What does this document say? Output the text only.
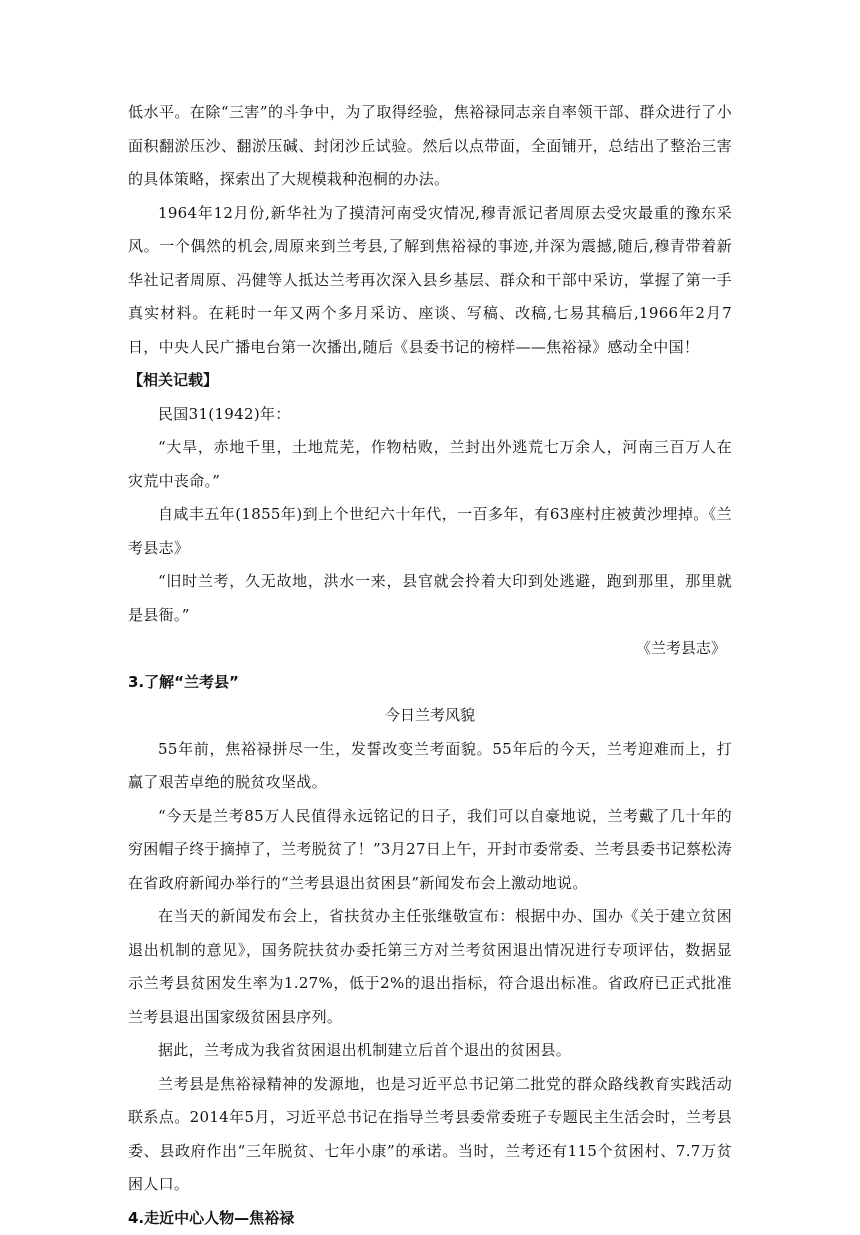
低水平。在除“三害”的斗争中，为了取得经验，焦裕禄同志亲自率领干部、群众进行了小面积翻淤压沙、翻淤压碱、封闭沙丘试验。然后以点带面，全面铺开，总结出了整治三害的具体策略，探索出了大规模栽种泡桐的办法。

1964年12月份,新华社为了摸清河南受灾情况,穆青派记者周原去受灾最重的豫东采风。一个偶然的机会,周原来到兰考县,了解到焦裕禄的事迹,并深为震撼,随后,穆青带着新华社记者周原、冯健等人抵达兰考再次深入县乡基层、群众和干部中采访，掌握了第一手真实材料。在耗时一年又两个多月采访、座谈、写稿、改稿,七易其稿后,1966年2月7日，中央人民广播电台第一次播出,随后《县委书记的榜样——焦裕禄》感动全中国！

【相关记载】

民国31(1942)年：

“大旱，赤地千里，土地荒芜，作物枯败，兰封出外逃荒七万余人，河南三百万人在灾荒中丧命。”

自咸丰五年(1855年)到上个世纪六十年代，一百多年，有63座村庄被黄沙埋掉。《兰考县志》

“旧时兰考，久无故地，洪水一来，县官就会拎着大印到处逃避，跑到那里，那里就是县衙。”

《兰考县志》

3.了解“兰考县”

今日兰考风貌

55年前，焦裕禄拼尽一生，发誓改变兰考面貌。55年后的今天，兰考迎难而上，打赢了艰苦卓绝的脱贫攻坚战。

“今天是兰考85万人民值得永远铭记的日子，我们可以自豪地说，兰考戴了几十年的穷困帽子终于摘掉了，兰考脱贫了！”3月27日上午，开封市委常委、兰考县委书记蔡松涛在省政府新闻办举行的“兰考县退出贫困县”新闻发布会上激动地说。

在当天的新闻发布会上，省扶贫办主任张继敬宣布：根据中办、国办《关于建立贫困退出机制的意见》，国务院扶贫办委托第三方对兰考贫困退出情况进行专项评估，数据显示兰考县贫困发生率为1.27%，低于2%的退出指标，符合退出标准。省政府已正式批准兰考县退出国家级贫困县序列。

据此，兰考成为我省贫困退出机制建立后首个退出的贫困县。

兰考县是焦裕禄精神的发源地，也是习近平总书记第二批党的群众路线教育实践活动联系点。2014年5月，习近平总书记在指导兰考县委常委班子专题民主生活会时，兰考县委、县政府作出“三年脱贫、七年小康”的承诺。当时，兰考还有115个贫困村、7.7万贫困人口。

4.走近中心人物—焦裕禄
